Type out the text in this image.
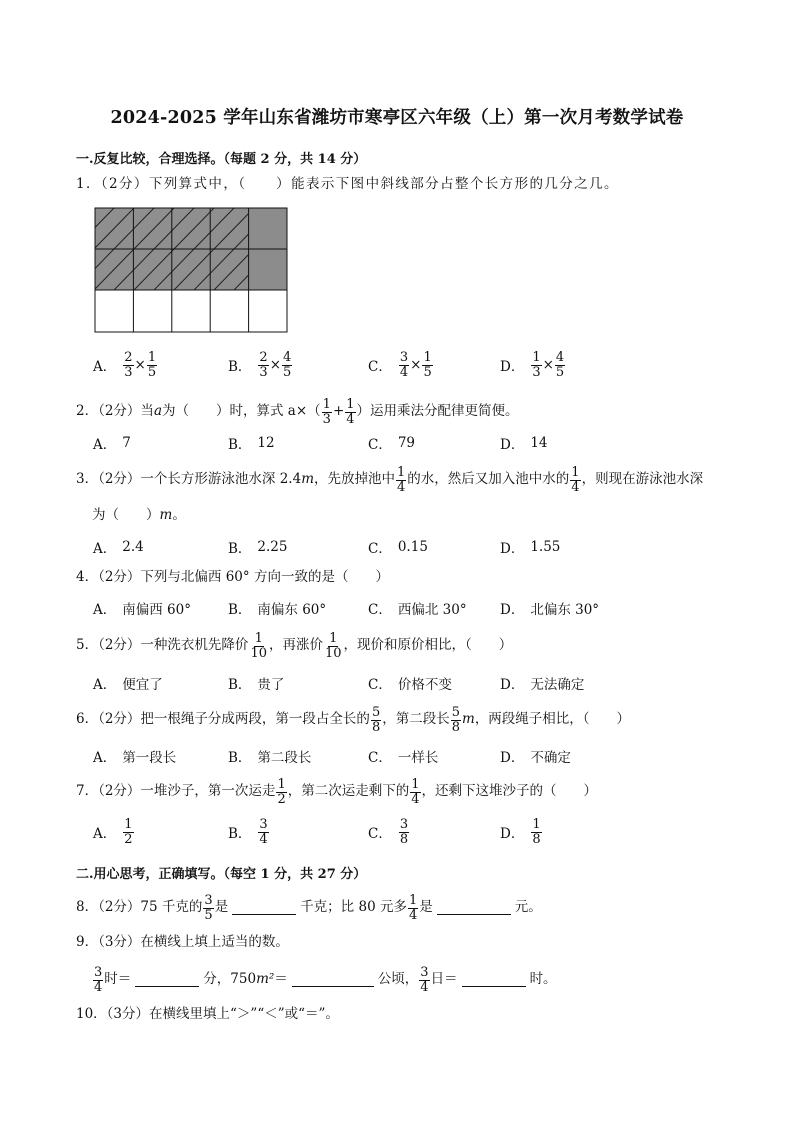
2024-2025 学年山东省潍坊市寒亭区六年级（上）第一次月考数学试卷
一.反复比较，合理选择。（每题 2 分，共 14 分）
1．（2分）下列算式中，（　　）能表示下图中斜线部分占整个长方形的几分之几。
A． $\frac{2}{3} \times \frac{1}{5}$	B． $\frac{2}{3} \times \frac{4}{5}$	C． $\frac{3}{4} \times \frac{1}{5}$	D． $\frac{1}{3} \times \frac{4}{5}$
2．（2分）当 a 为（　　）时，算式 $a\times( \frac{1}{3} + \frac{1}{4}$ ）运用乘法分配律更简便。
A． 7	B． 12	C． 79	D． 14
3．（2分）一个长方形游泳池水深 2.4 m ，先放掉池中 $\frac{1}{4}$ 的水，然后又加入池中水的 $\frac{1}{4}$ ，则现在游泳池水深
为（　　）m。
A． 2.4	B． 2.25	C． 0.15	D． 1.55
4．（2分）下列与北偏西 60° 方向一致的是（　　）
A． 南偏西 60°	B． 南偏东 60°	C． 西偏北 30° D． 北偏东 30°
5．（2分）一种洗衣机先降价 $\frac{1}{10}$ ，再涨价 $\frac{1}{10}$ ，现价和原价相比，（　　）
A． 便宜了	B． 贵了	C． 价格不变	D． 无法确定
6．（2分）把一根绳子分成两段，第一段占全长的 $\frac{5}{8}$ ，第二段长 $\frac{5}{8}$ m ，两段绳子相比，（　　）
A． 第一段长	B． 第二段长	C． 一样长	D． 不确定
7．（2分）一堆沙子，第一次运走 $\frac{1}{2}$ ，第二次运走剩下的 $\frac{1}{4}$ ，还剩下这堆沙子的（　　）
A． $\frac{1}{2}$	B． $\frac{3}{4}$	C． $\frac{3}{8}$	D． $\frac{1}{8}$
二.用心思考，正确填写。（每空 1 分，共 27 分）
8．（2分）75 千克的 $\frac{3}{5}$ 是	千克；比 80 元多 $\frac{1}{4}$ 是	元。
9．（3分）在横线上填上适当的数。
$\frac{3}{4}$ 时＝	分，750 m² ＝	公顷， $\frac{3}{4}$ 日＝	时。
10．（3分）在横线里填上“＞”“＜”或“＝”。
